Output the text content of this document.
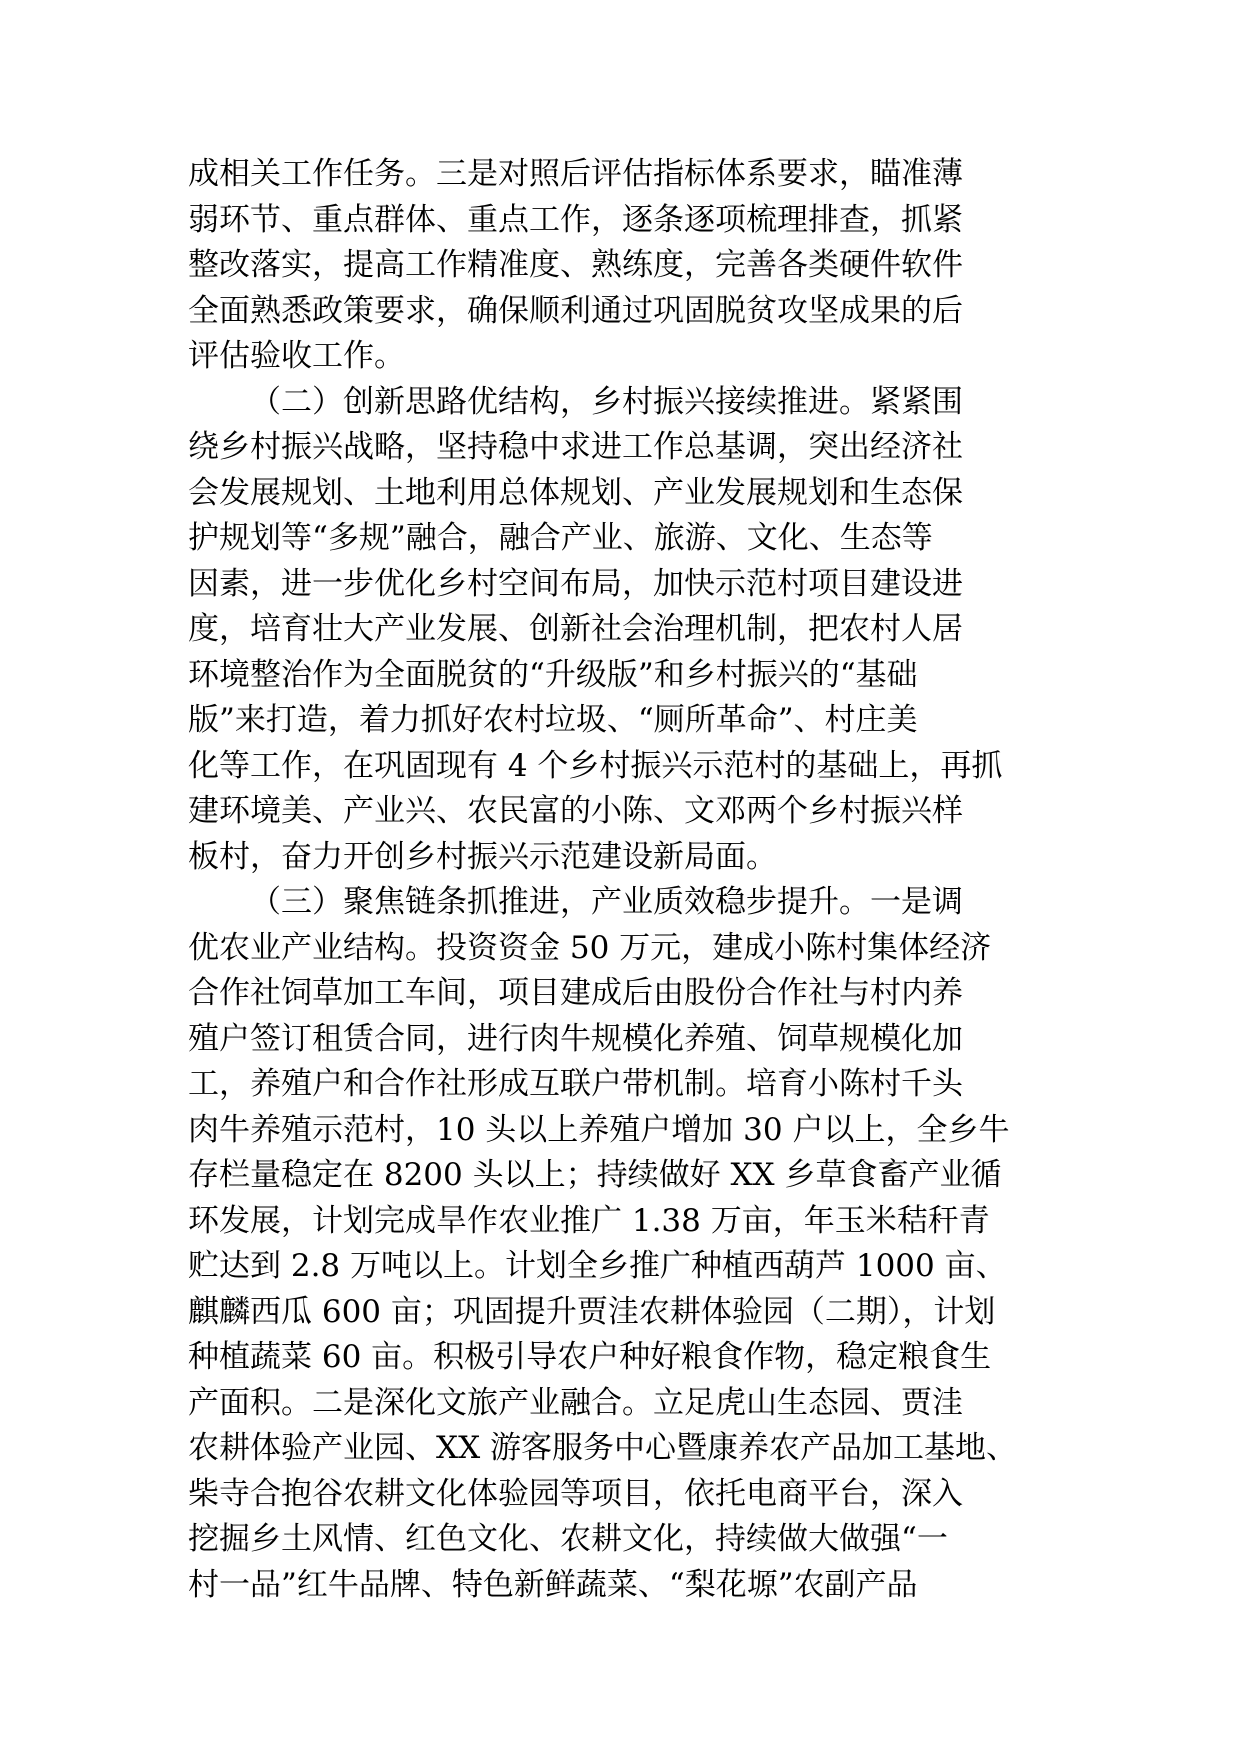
成相关工作任务。三是对照后评估指标体系要求，瞄准薄
弱环节、重点群体、重点工作，逐条逐项梳理排查，抓紧
整改落实，提高工作精准度、熟练度，完善各类硬件软件
全面熟悉政策要求，确保顺利通过巩固脱贫攻坚成果的后
评估验收工作。
（二）创新思路优结构，乡村振兴接续推进。紧紧围
绕乡村振兴战略，坚持稳中求进工作总基调，突出经济社
会发展规划、土地利用总体规划、产业发展规划和生态保
护规划等“多规”融合，融合产业、旅游、文化、生态等
因素，进一步优化乡村空间布局，加快示范村项目建设进
度，培育壮大产业发展、创新社会治理机制，把农村人居
环境整治作为全面脱贫的“升级版”和乡村振兴的“基础
版”来打造，着力抓好农村垃圾、“厕所革命”、村庄美
化等工作，在巩固现有 4 个乡村振兴示范村的基础上，再抓
建环境美、产业兴、农民富的小陈、文邓两个乡村振兴样
板村，奋力开创乡村振兴示范建设新局面。
（三）聚焦链条抓推进，产业质效稳步提升。一是调
优农业产业结构。投资资金 50 万元，建成小陈村集体经济
合作社饲草加工车间，项目建成后由股份合作社与村内养
殖户签订租赁合同，进行肉牛规模化养殖、饲草规模化加
工，养殖户和合作社形成互联户带机制。培育小陈村千头
肉牛养殖示范村，10 头以上养殖户增加 30 户以上，全乡牛
存栏量稳定在 8200 头以上；持续做好 XX 乡草食畜产业循
环发展，计划完成旱作农业推广 1.38 万亩，年玉米秸秆青
贮达到 2.8 万吨以上。计划全乡推广种植西葫芦 1000 亩、
麒麟西瓜 600 亩；巩固提升贾洼农耕体验园（二期），计划
种植蔬菜 60 亩。积极引导农户种好粮食作物，稳定粮食生
产面积。二是深化文旅产业融合。立足虎山生态园、贾洼
农耕体验产业园、XX 游客服务中心暨康养农产品加工基地、
柴寺合抱谷农耕文化体验园等项目，依托电商平台，深入
挖掘乡土风情、红色文化、农耕文化，持续做大做强“一
村一品”红牛品牌、特色新鲜蔬菜、“梨花塬”农副产品
